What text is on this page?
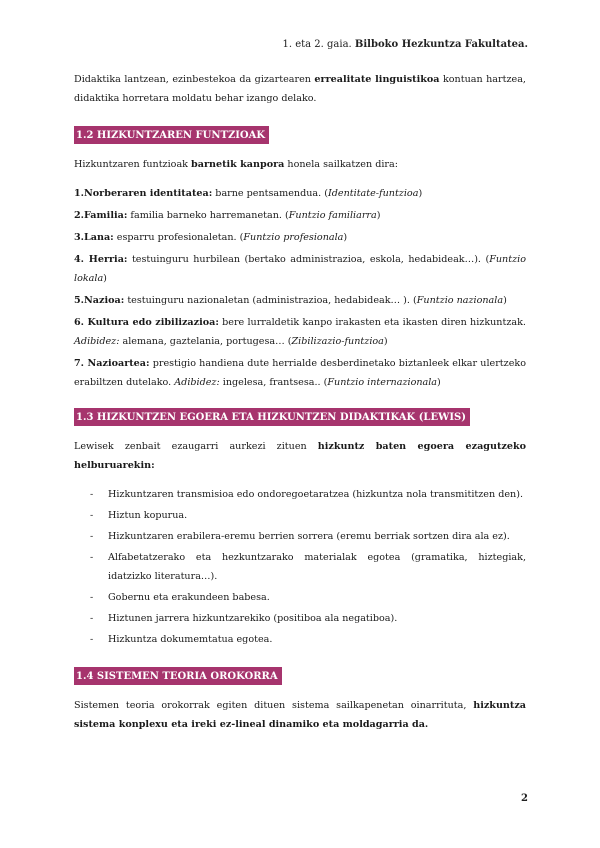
1. eta 2. gaia. Bilboko Hezkuntza Fakultatea.

Didaktika lantzean, ezinbestekoa da gizartearen errealitate linguistikoa kontuan hartzea, didaktika horretara moldatu behar izango delako.

1.2 HIZKUNTZAREN FUNTZIOAK

Hizkuntzaren funtzioak barnetik kanpora honela sailkatzen dira:

1.Norberaren identitatea: barne pentsamendua. (Identitate-funtzioa)

2.Familia: familia barneko harremanetan. (Funtzio familiarra)

3.Lana: esparru profesionaletan. (Funtzio profesionala)

4. Herria: testuinguru hurbilean (bertako administrazioa, eskola, hedabideak…). (Funtzio lokala)

5.Nazioa: testuinguru nazionaletan (administrazioa, hedabideak… ). (Funtzio nazionala)

6. Kultura edo zibilizazioa: bere lurraldetik kanpo irakasten eta ikasten diren hizkuntzak. Adibidez: alemana, gaztelania, portugesa… (Zibilizazio-funtzioa)

7. Nazioartea: prestigio handiena dute herrialde desberdinetako biztanleek elkar ulertzeko erabiltzen dutelako. Adibidez: ingelesa, frantsesa.. (Funtzio internazionala)

1.3 HIZKUNTZEN EGOERA ETA HIZKUNTZEN DIDAKTIKAK (LEWIS)

Lewisek zenbait ezaugarri aurkezi zituen hizkuntz baten egoera ezagutzeko helburuarekin:

- Hizkuntzaren transmisioa edo ondoregoetaratzea (hizkuntza nola transmititzen den).
- Hiztun kopurua.
- Hizkuntzaren erabilera-eremu berrien sorrera (eremu berriak sortzen dira ala ez).
- Alfabetatzerako eta hezkuntzarako materialak egotea (gramatika, hiztegiak, idatzizko literatura…).
- Gobernu eta erakundeen babesa.
- Hiztunen jarrera hizkuntzarekiko (positiboa ala negatiboa).
- Hizkuntza dokumemtatua egotea.
1.4 SISTEMEN TEORIA OROKORRA

Sistemen teoria orokorrak egiten dituen sistema sailkapenetan oinarrituta, hizkuntza sistema konplexu eta ireki ez-lineal dinamiko eta moldagarria da.

2
